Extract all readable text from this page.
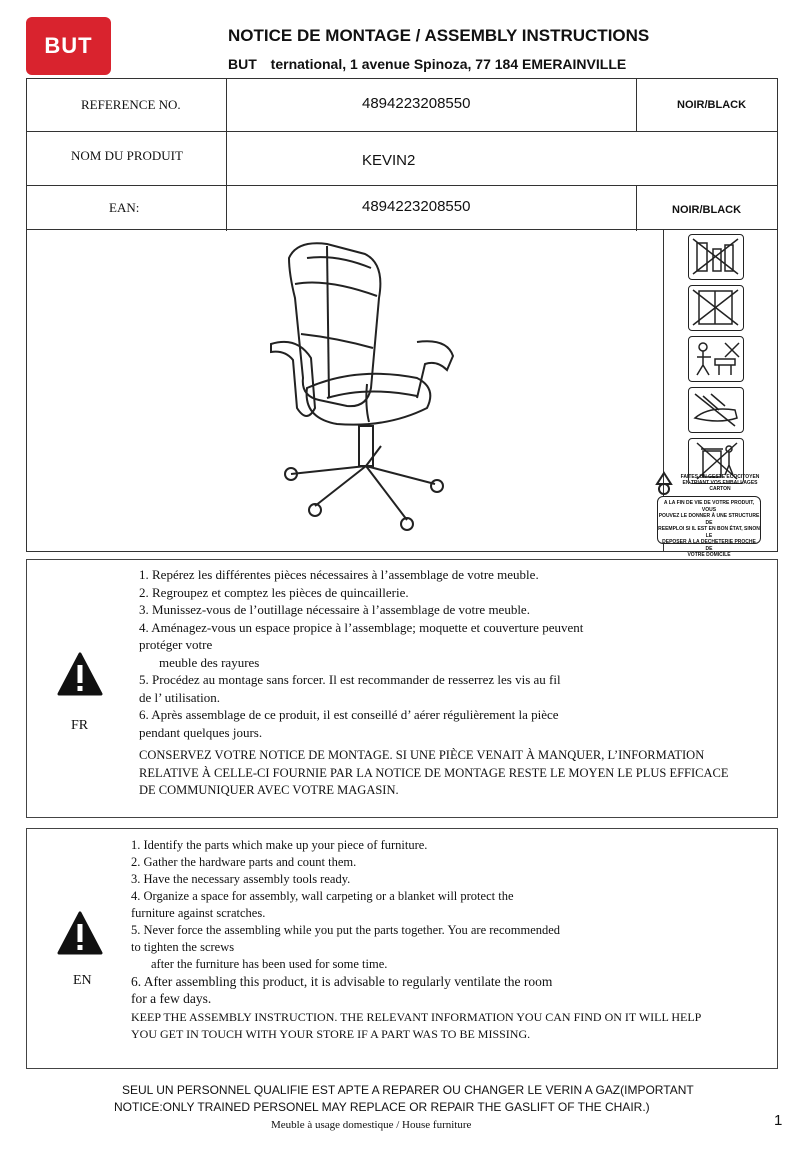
BUT	NOTICE DE MONTAGE / ASSEMBLY INSTRUCTIONS
BUT ternational, 1 avenue Spinoza, 77 184 EMERAINVILLE
REFERENCE NO.	4894223208550	NOIR/BLACK
NOM DU PRODUIT	KEVIN2
EAN:	4894223208550	NOIR/BLACK
FAITES UN GESTE ECOCITOYEN
EN TRIANT VOS EMBALLAGES CARTON
A LA FIN DE VIE DE VOTRE PRODUIT, VOUS
POUVEZ LE DONNER À UNE STRUCTURE DE
REEMPLOI SI IL EST EN BON ÉTAT, SINON LE
DEPOSER À LA DECHETERIE PROCHE DE
VOTRE DOMICILE
FR
1. Repérez les différentes pièces nécessaires à l’assemblage de votre meuble.
2. Regroupez et comptez les pièces de quincaillerie.
3. Munissez-vous de l’outillage nécessaire à l’assemblage de votre meuble.
4. Aménagez-vous un espace propice à l’assemblage; moquette et couverture peuvent
protéger votre
meuble des rayures
5. Procédez au montage sans forcer. Il est recommander de resserrez les vis au fil
de l’ utilisation.
6. Après assemblage de ce produit, il est conseillé d’ aérer régulièrement la pièce
pendant quelques jours.
CONSERVEZ VOTRE NOTICE DE MONTAGE. SI UNE PIÈCE VENAIT À MANQUER, L’INFORMATION
RELATIVE À CELLE-CI FOURNIE PAR LA NOTICE DE MONTAGE RESTE LE MOYEN LE PLUS EFFICACE
DE COMMUNIQUER AVEC VOTRE MAGASIN.
EN
1. Identify the parts which make up your piece of furniture.
2. Gather the hardware parts and count them.
3. Have the necessary assembly tools ready.
4. Organize a space for assembly, wall carpeting or a blanket will protect the
furniture against scratches.
5. Never force the assembling while you put the parts together. You are recommended
to tighten the screws
after the furniture has been used for some time.
6. After assembling this product, it is advisable to regularly ventilate the room
for a few days.
KEEP THE ASSEMBLY INSTRUCTION. THE RELEVANT INFORMATION YOU CAN FIND ON IT WILL HELP
YOU GET IN TOUCH WITH YOUR STORE IF A PART WAS TO BE MISSING.
SEUL UN PERSONNEL QUALIFIE EST APTE A REPARER OU CHANGER LE VERIN A GAZ(IMPORTANT
NOTICE:ONLY TRAINED PERSONEL MAY REPLACE OR REPAIR THE GASLIFT OF THE CHAIR.)
Meuble à usage domestique / House furniture	1
